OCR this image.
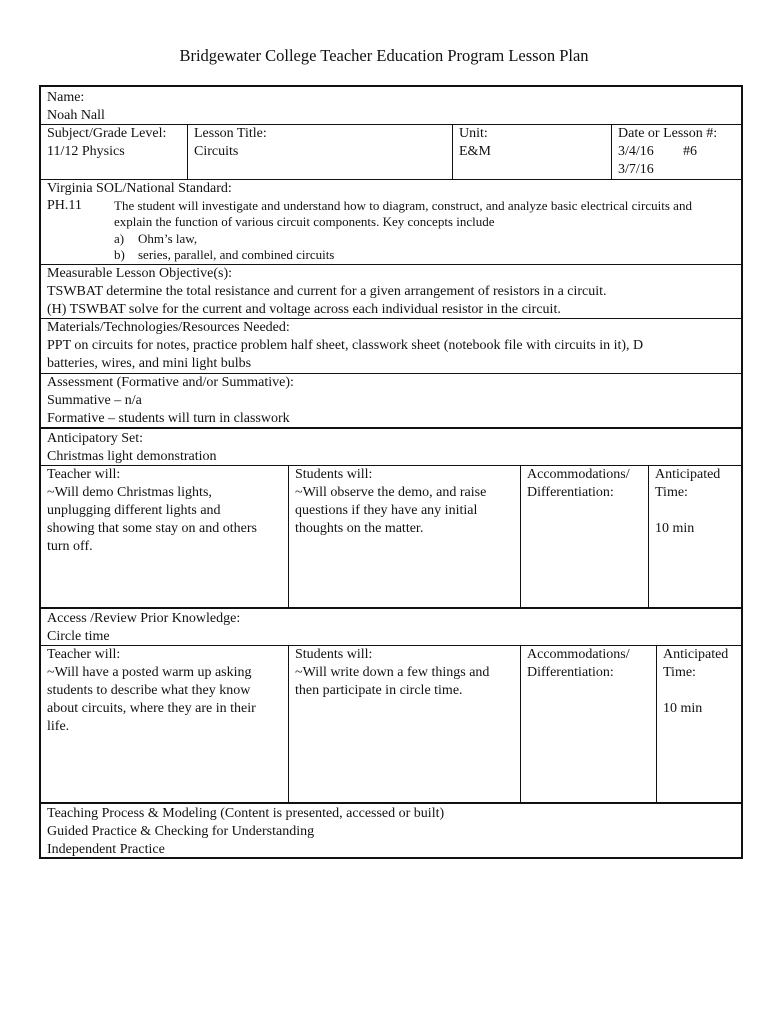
Bridgewater College Teacher Education Program Lesson Plan
Name:
Noah Nall
Subject/Grade Level:
11/12 Physics
Lesson Title:
Circuits
Unit:
E&M
Date or Lesson #:
3/4/16 #6
3/7/16
Virginia SOL/National Standard:
PH.11 The student will investigate and understand how to diagram, construct, and analyze basic electrical circuits and
explain the function of various circuit components. Key concepts include
a) Ohm’s law,
b) series, parallel, and combined circuits
Measurable Lesson Objective(s):
TSWBAT determine the total resistance and current for a given arrangement of resistors in a circuit.
(H) TSWBAT solve for the current and voltage across each individual resistor in the circuit.
Materials/Technologies/Resources Needed:
PPT on circuits for notes, practice problem half sheet, classwork sheet (notebook file with circuits in it), D
batteries, wires, and mini light bulbs
Assessment (Formative and/or Summative):
Summative – n/a
Formative – students will turn in classwork
Anticipatory Set:
Christmas light demonstration
Teacher will:
~Will demo Christmas lights,
unplugging different lights and
showing that some stay on and others
turn off.
Students will:
~Will observe the demo, and raise
questions if they have any initial
thoughts on the matter.
Accommodations/
Differentiation:
Anticipated
Time:
10 min
Access /Review Prior Knowledge:
Circle time
Teacher will:
~Will have a posted warm up asking
students to describe what they know
about circuits, where they are in their
life.
Students will:
~Will write down a few things and
then participate in circle time.
Accommodations/
Differentiation:
Anticipated
Time:
10 min
Teaching Process & Modeling (Content is presented, accessed or built)
Guided Practice & Checking for Understanding
Independent Practice
